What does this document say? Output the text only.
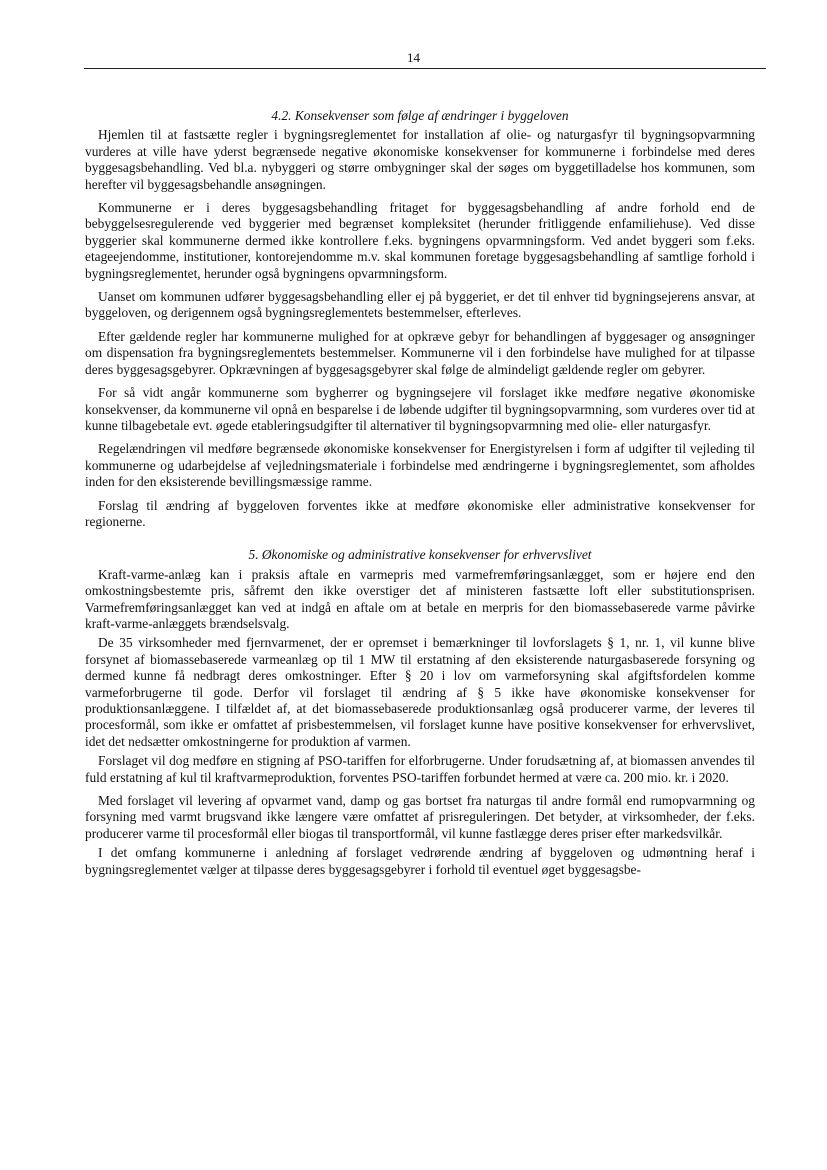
14

4.2. Konsekvenser som følge af ændringer i byggeloven

Hjemlen til at fastsætte regler i bygningsreglementet for installation af olie- og naturgasfyr til bygningsopvarmning vurderes at ville have yderst begrænsede negative økonomiske konsekvenser for kommunerne i forbindelse med deres byggesagsbehandling. Ved bl.a. nybyggeri og større ombygninger skal der søges om byggetilladelse hos kommunen, som herefter vil byggesagsbehandle ansøgningen.

Kommunerne er i deres byggesagsbehandling fritaget for byggesagsbehandling af andre forhold end de bebyggelsesregulerende ved byggerier med begrænset kompleksitet (herunder fritliggende enfamiliehuse). Ved disse byggerier skal kommunerne dermed ikke kontrollere f.eks. bygningens opvarmningsform. Ved andet byggeri som f.eks. etageejendomme, institutioner, kontorejendomme m.v. skal kommunen foretage byggesagsbehandling af samtlige forhold i bygningsreglementet, herunder også bygningens opvarmningsform.

Uanset om kommunen udfører byggesagsbehandling eller ej på byggeriet, er det til enhver tid bygningsejerens ansvar, at byggeloven, og derigennem også bygningsreglementets bestemmelser, efterleves.

Efter gældende regler har kommunerne mulighed for at opkræve gebyr for behandlingen af byggesager og ansøgninger om dispensation fra bygningsreglementets bestemmelser. Kommunerne vil i den forbindelse have mulighed for at tilpasse deres byggesagsgebyrer. Opkrævningen af byggesagsgebyrer skal følge de almindeligt gældende regler om gebyrer.

For så vidt angår kommunerne som bygherrer og bygningsejere vil forslaget ikke medføre negative økonomiske konsekvenser, da kommunerne vil opnå en besparelse i de løbende udgifter til bygningsopvarmning, som vurderes over tid at kunne tilbagebetale evt. øgede etableringsudgifter til alternativer til bygningsopvarmning med olie- eller naturgasfyr.

Regelændringen vil medføre begrænsede økonomiske konsekvenser for Energistyrelsen i form af udgifter til vejleding til kommunerne og udarbejdelse af vejledningsmateriale i forbindelse med ændringerne i bygningsreglementet, som afholdes inden for den eksisterende bevillingsmæssige ramme.

Forslag til ændring af byggeloven forventes ikke at medføre økonomiske eller administrative konsekvenser for regionerne.

5. Økonomiske og administrative konsekvenser for erhvervslivet

Kraft-varme-anlæg kan i praksis aftale en varmepris med varmefremføringsanlægget, som er højere end den omkostningsbestemte pris, såfremt den ikke overstiger det af ministeren fastsætte loft eller substitutionsprisen. Varmefremføringsanlægget kan ved at indgå en aftale om at betale en merpris for den biomassebaserede varme påvirke kraft-varme-anlæggets brændselsvalg.

De 35 virksomheder med fjernvarmenet, der er opremset i bemærkninger til lovforslagets § 1, nr. 1, vil kunne blive forsynet af biomassebaserede varmeanlæg op til 1 MW til erstatning af den eksisterende naturgasbaserede forsyning og dermed kunne få nedbragt deres omkostninger. Efter § 20 i lov om varmeforsyning skal afgiftsfordelen komme varmeforbrugerne til gode. Derfor vil forslaget til ændring af § 5 ikke have økonomiske konsekvenser for produktionsanlæggene. I tilfældet af, at det biomassebaserede produktionsanlæg også producerer varme, der leveres til procesformål, som ikke er omfattet af prisbestemmelsen, vil forslaget kunne have positive konsekvenser for erhvervslivet, idet det nedsætter omkostningerne for produktion af varmen.

Forslaget vil dog medføre en stigning af PSO-tariffen for elforbrugerne. Under forudsætning af, at biomassen anvendes til fuld erstatning af kul til kraftvarmeproduktion, forventes PSO-tariffen forbundet hermed at være ca. 200 mio. kr. i 2020.

Med forslaget vil levering af opvarmet vand, damp og gas bortset fra naturgas til andre formål end rumopvarmning og forsyning med varmt brugsvand ikke længere være omfattet af prisreguleringen. Det betyder, at virksomheder, der f.eks. producerer varme til procesformål eller biogas til transportformål, vil kunne fastlægge deres priser efter markedsvilkår.

I det omfang kommunerne i anledning af forslaget vedrørende ændring af byggeloven og udmøntning heraf i bygningsreglementet vælger at tilpasse deres byggesagsgebyrer i forhold til eventuel øget byggesagsbe-
